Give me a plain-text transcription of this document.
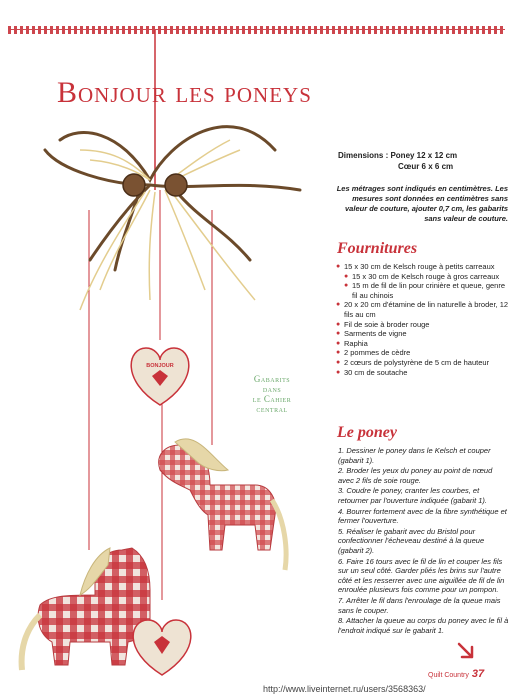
Bonjour les poneys
BONJOUR
Dimensions : Poney 12 x 12 cm
Cœur 6 x 6 cm
Les métrages sont indiqués en centimètres. Les mesures sont données en centimètres sans valeur de couture, ajouter 0,7 cm, les gabarits sans valeur de couture.
Fournitures
● 15 x 30 cm de Kelsch rouge à petits carreaux
● 15 x 30 cm de Kelsch rouge à gros carreaux
● 15 m de fil de lin pour crinière et queue, genre fil au chinois
● 20 x 20 cm d'étamine de lin naturelle à broder, 12 fils au cm
● Fil de soie à broder rouge
● Sarments de vigne
● Raphia
● 2 pommes de cèdre
● 2 cœurs de polystyrène de 5 cm de hauteur
● 30 cm de soutache
Gabarits
dans
le Cahier
central
Le poney

1. Dessiner le poney dans le Kelsch et couper (gabarit 1).

2. Broder les yeux du poney au point de nœud avec 2 fils de soie rouge.

3. Coudre le poney, cranter les courbes, et retourner par l'ouverture indiquée (gabarit 1).

4. Bourrer fortement avec de la fibre synthétique et fermer l'ouverture.

5. Réaliser le gabarit avec du Bristol pour confectionner l'écheveau destiné à la queue (gabarit 2).

6. Faire 16 tours avec le fil de lin et couper les fils sur un seul côté. Garder pliés les brins sur l'autre côté et les resserrer avec une aiguillée de fil de lin enroulée plusieurs fois comme pour un pompon.

7. Arrêter le fil dans l'enroulage de la queue mais sans le couper.

8. Attacher la queue au corps du poney avec le fil à l'endroit indiqué sur le gabarit 1.

Quilt Country 37
http://www.liveinternet.ru/users/3568363/
